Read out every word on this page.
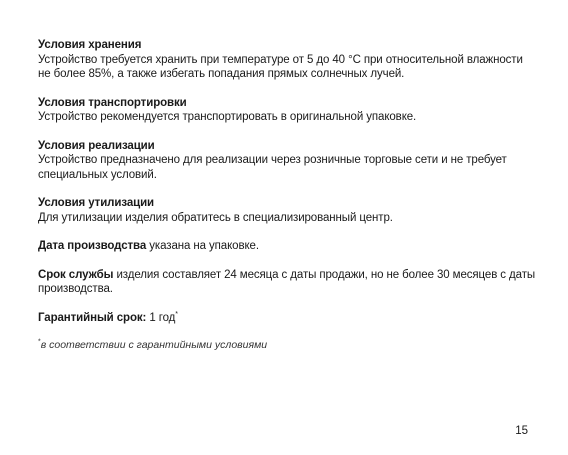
Условия хранения
Устройство требуется хранить при температуре от 5 до 40 °С при относительной влажности не более 85%, а также избегать попадания прямых солнечных лучей.
Условия транспортировки
Устройство рекомендуется транспортировать в оригинальной упаковке.
Условия реализации
Устройство предназначено для реализации через розничные торговые сети и не требует специальных условий.
Условия утилизации
Для утилизации изделия обратитесь в специализированный центр.
Дата производства указана на упаковке.
Срок службы изделия составляет 24 месяца с даты продажи, но не более 30 месяцев с даты производства.
Гарантийный срок: 1 год*
*в соответствии с гарантийными условиями
15
